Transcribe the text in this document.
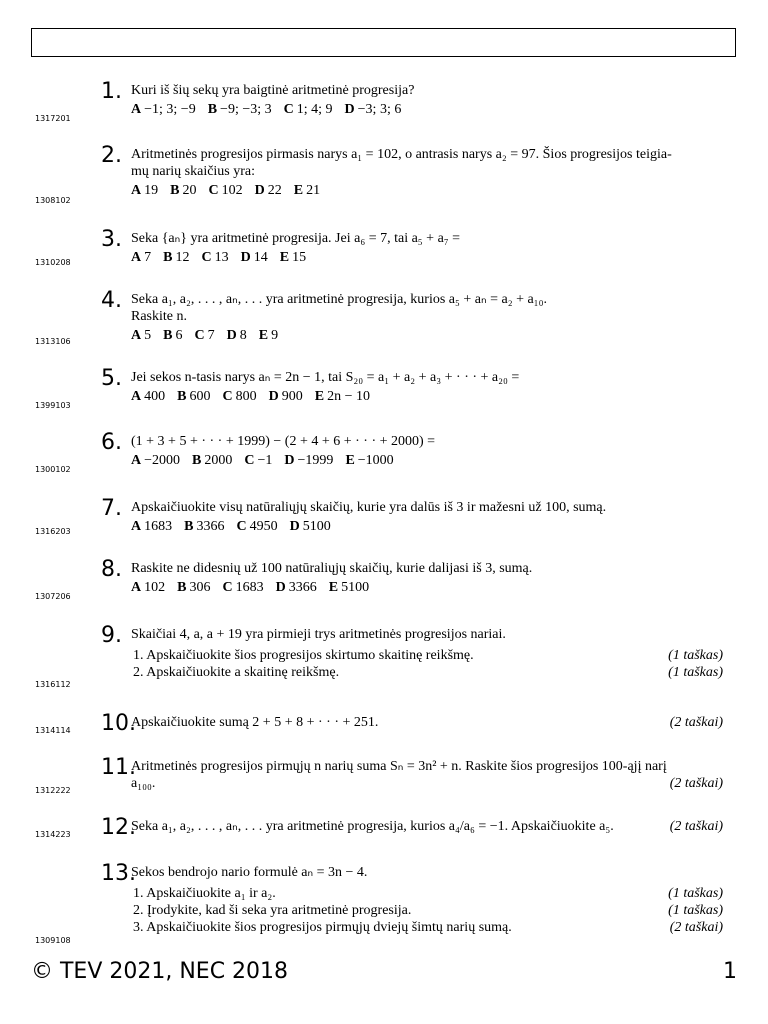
1.
1317201
Kuri iš šių sekų yra baigtinė aritmetinė progresija?
A −1; 3; −9 B −9; −3; 3 C 1; 4; 9 D −3; 3; 6
2.
1308102
Aritmetinės progresijos pirmasis narys a₁ = 102, o antrasis narys a₂ = 97. Šios progresijos teigia-
mų narių skaičius yra:
A 19 B 20 C 102 D 22 E 21
3.
1310208
Seka {aₙ} yra aritmetinė progresija. Jei a₆ = 7, tai a₅ + a₇ =
A 7 B 12 C 13 D 14 E 15
4.
1313106
Seka a₁, a₂, . . . , aₙ, . . . yra aritmetinė progresija, kurios a₅ + aₙ = a₂ + a₁₀.
Raskite n.
A 5 B 6 C 7 D 8 E 9
5.
1399103
Jei sekos n-tasis narys aₙ = 2n − 1, tai S₂₀ = a₁ + a₂ + a₃ + · · · + a₂₀ =
A 400 B 600 C 800 D 900 E 2n − 10
6.
1300102
(1 + 3 + 5 + · · · + 1999) − (2 + 4 + 6 + · · · + 2000) =
A −2000 B 2000 C −1 D −1999 E −1000
7.
1316203
Apskaičiuokite visų natūraliųjų skaičių, kurie yra dalūs iš 3 ir mažesni už 100, sumą.
A 1683 B 3366 C 4950 D 5100
8.
1307206
Raskite ne didesnių už 100 natūraliųjų skaičių, kurie dalijasi iš 3, sumą.
A 102 B 306 C 1683 D 3366 E 5100
9.
1316112
Skaičiai 4, a, a + 19 yra pirmieji trys aritmetinės progresijos nariai.
1. Apskaičiuokite šios progresijos skirtumo skaitinę reikšmę.	(1 taškas)
2. Apskaičiuokite a skaitinę reikšmę.	(1 taškas)
10.
1314114
Apskaičiuokite sumą 2 + 5 + 8 + · · · + 251.	(2 taškai)
11.
1312222
Aritmetinės progresijos pirmųjų n narių suma Sₙ = 3n² + n. Raskite šios progresijos 100-ąjį narį
a₁₀₀.	(2 taškai)
12.
1314223
Seka a₁, a₂, . . . , aₙ, . . . yra aritmetinė progresija, kurios a₄/a₆ = −1. Apskaičiuokite a₅.	(2 taškai)
13.
1309108
Sekos bendrojo nario formulė aₙ = 3n − 4.
1. Apskaičiuokite a₁ ir a₂.	(1 taškas)
2. Įrodykite, kad ši seka yra aritmetinė progresija.	(1 taškas)
3. Apskaičiuokite šios progresijos pirmųjų dviejų šimtų narių sumą.	(2 taškai)
© TEV 2021, NEC 2018	1
